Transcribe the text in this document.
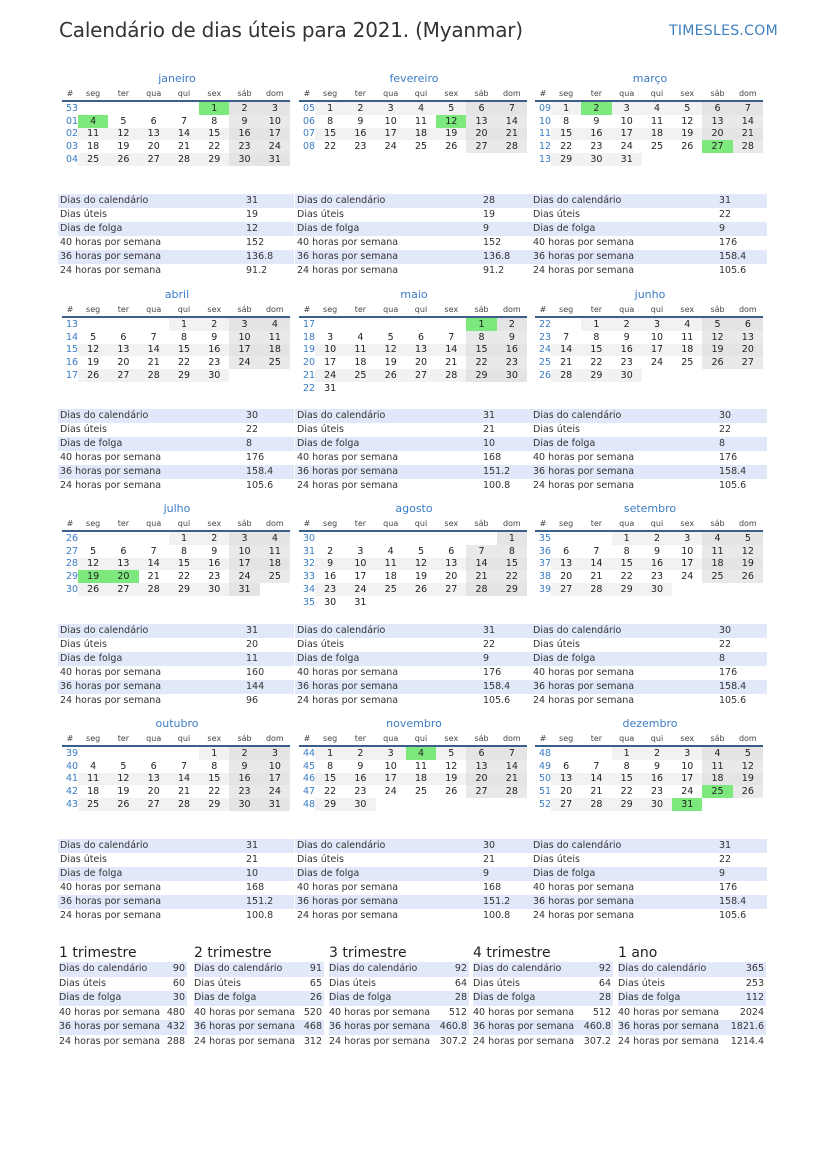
Calendário de dias úteis para 2021. (Myanmar)	TIMESLES.COM
janeiro
#	seg	ter	qua	qui	sex	sáb	dom
53					1	2	3
01	4	5	6	7	8	9	10
02	11	12	13	14	15	16	17
03	18	19	20	21	22	23	24
04	25	26	27	28	29	30	31
Dias do calendário	31
Dias úteis	19
Dias de folga	12
40 horas por semana	152
36 horas por semana	136.8
24 horas por semana	91.2
fevereiro
#	seg	ter	qua	qui	sex	sáb	dom
05	1	2	3	4	5	6	7
06	8	9	10	11	12	13	14
07	15	16	17	18	19	20	21
08	22	23	24	25	26	27	28
Dias do calendário	28
Dias úteis	19
Dias de folga	9
40 horas por semana	152
36 horas por semana	136.8
24 horas por semana	91.2
março
#	seg	ter	qua	qui	sex	sáb	dom
09	1	2	3	4	5	6	7
10	8	9	10	11	12	13	14
11	15	16	17	18	19	20	21
12	22	23	24	25	26	27	28
13	29	30	31				
Dias do calendário	31
Dias úteis	22
Dias de folga	9
40 horas por semana	176
36 horas por semana	158.4
24 horas por semana	105.6
abril
#	seg	ter	qua	qui	sex	sáb	dom
13				1	2	3	4
14	5	6	7	8	9	10	11
15	12	13	14	15	16	17	18
16	19	20	21	22	23	24	25
17	26	27	28	29	30		
Dias do calendário	30
Dias úteis	22
Dias de folga	8
40 horas por semana	176
36 horas por semana	158.4
24 horas por semana	105.6
maio
#	seg	ter	qua	qui	sex	sáb	dom
17						1	2
18	3	4	5	6	7	8	9
19	10	11	12	13	14	15	16
20	17	18	19	20	21	22	23
21	24	25	26	27	28	29	30
22	31						
Dias do calendário	31
Dias úteis	21
Dias de folga	10
40 horas por semana	168
36 horas por semana	151.2
24 horas por semana	100.8
junho
#	seg	ter	qua	qui	sex	sáb	dom
22		1	2	3	4	5	6
23	7	8	9	10	11	12	13
24	14	15	16	17	18	19	20
25	21	22	23	24	25	26	27
26	28	29	30				
Dias do calendário	30
Dias úteis	22
Dias de folga	8
40 horas por semana	176
36 horas por semana	158.4
24 horas por semana	105.6
julho
#	seg	ter	qua	qui	sex	sáb	dom
26				1	2	3	4
27	5	6	7	8	9	10	11
28	12	13	14	15	16	17	18
29	19	20	21	22	23	24	25
30	26	27	28	29	30	31	
Dias do calendário	31
Dias úteis	20
Dias de folga	11
40 horas por semana	160
36 horas por semana	144
24 horas por semana	96
agosto
#	seg	ter	qua	qui	sex	sáb	dom
30							1
31	2	3	4	5	6	7	8
32	9	10	11	12	13	14	15
33	16	17	18	19	20	21	22
34	23	24	25	26	27	28	29
35	30	31					
Dias do calendário	31
Dias úteis	22
Dias de folga	9
40 horas por semana	176
36 horas por semana	158.4
24 horas por semana	105.6
setembro
#	seg	ter	qua	qui	sex	sáb	dom
35			1	2	3	4	5
36	6	7	8	9	10	11	12
37	13	14	15	16	17	18	19
38	20	21	22	23	24	25	26
39	27	28	29	30			
Dias do calendário	30
Dias úteis	22
Dias de folga	8
40 horas por semana	176
36 horas por semana	158.4
24 horas por semana	105.6
outubro
#	seg	ter	qua	qui	sex	sáb	dom
39					1	2	3
40	4	5	6	7	8	9	10
41	11	12	13	14	15	16	17
42	18	19	20	21	22	23	24
43	25	26	27	28	29	30	31
Dias do calendário	31
Dias úteis	21
Dias de folga	10
40 horas por semana	168
36 horas por semana	151.2
24 horas por semana	100.8
novembro
#	seg	ter	qua	qui	sex	sáb	dom
44	1	2	3	4	5	6	7
45	8	9	10	11	12	13	14
46	15	16	17	18	19	20	21
47	22	23	24	25	26	27	28
48	29	30					
Dias do calendário	30
Dias úteis	21
Dias de folga	9
40 horas por semana	168
36 horas por semana	151.2
24 horas por semana	100.8
dezembro
#	seg	ter	qua	qui	sex	sáb	dom
48			1	2	3	4	5
49	6	7	8	9	10	11	12
50	13	14	15	16	17	18	19
51	20	21	22	23	24	25	26
52	27	28	29	30	31		
Dias do calendário	31
Dias úteis	22
Dias de folga	9
40 horas por semana	176
36 horas por semana	158.4
24 horas por semana	105.6
1 trimestre
Dias do calendário	90
Dias úteis	60
Dias de folga	30
40 horas por semana 480
36 horas por semana 432
24 horas por semana 288
2 trimestre
Dias do calendário	91
Dias úteis	65
Dias de folga	26
40 horas por semana 520
36 horas por semana 468
24 horas por semana 312
3 trimestre
Dias do calendário	92
Dias úteis	64
Dias de folga	28
40 horas por semana 512
36 horas por semana 460.8
24 horas por semana 307.2
4 trimestre
Dias do calendário	92
Dias úteis	64
Dias de folga	28
40 horas por semana 512
36 horas por semana 460.8
24 horas por semana 307.2
1 ano
Dias do calendário	365
Dias úteis	253
Dias de folga	112
40 horas por semana 2024
36 horas por semana 1821.6
24 horas por semana 1214.4
